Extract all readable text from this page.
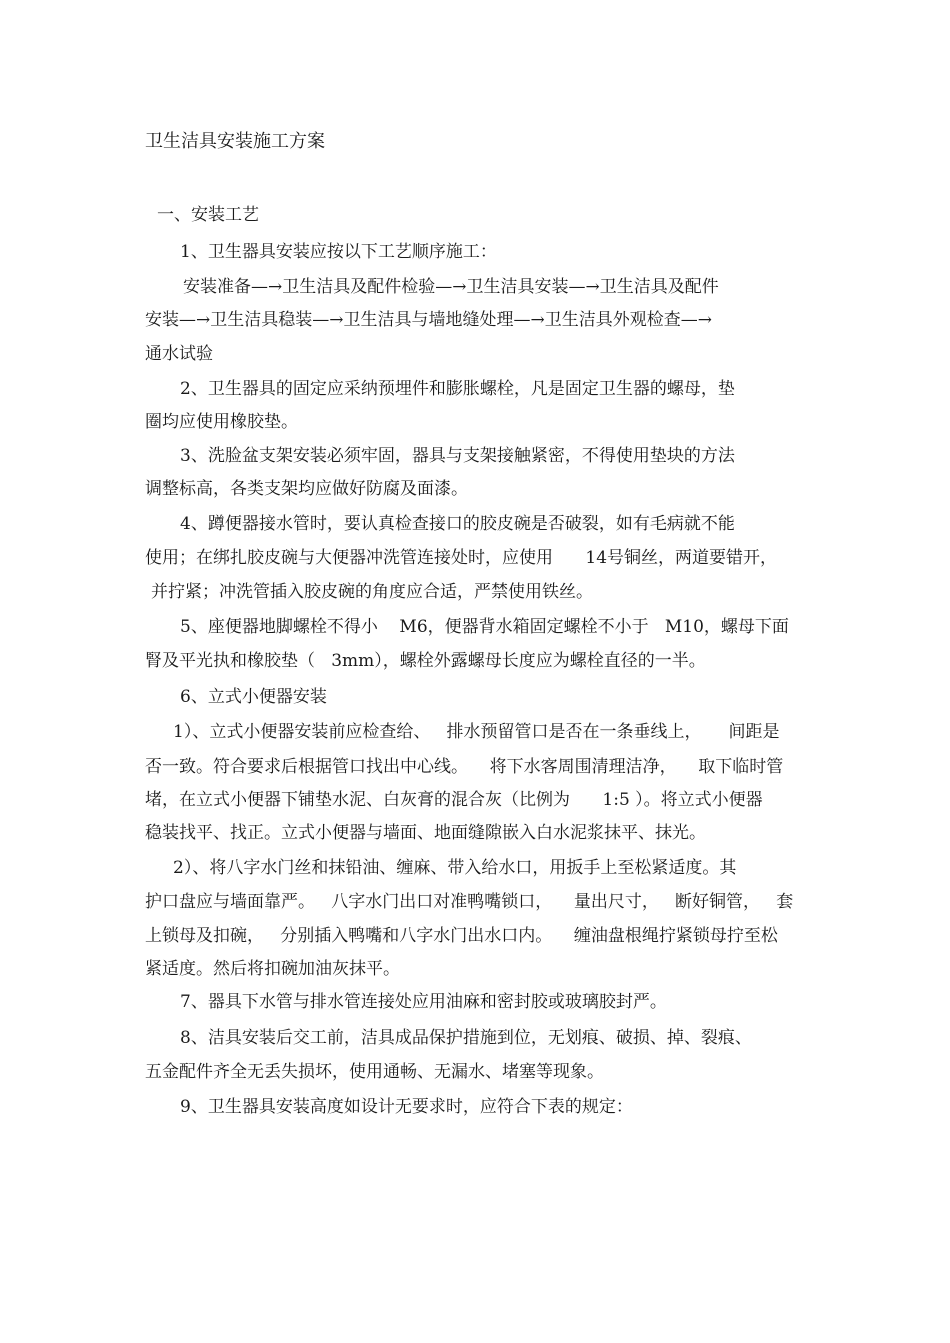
卫生洁具安装施工方案
一、安装工艺
1、卫生器具安装应按以下工艺顺序施工：
安装准备—→卫生洁具及配件检验—→卫生洁具安装—→卫生洁具及配件
安装—→卫生洁具稳装—→卫生洁具与墙地缝处理—→卫生洁具外观检查—→
通水试验
2、卫生器具的固定应采纳预埋件和膨胀螺栓，凡是固定卫生器的螺母，垫
圈均应使用橡胶垫。
3、洗脸盆支架安装必须牢固，器具与支架接触紧密，不得使用垫块的方法
调整标高，各类支架均应做好防腐及面漆。
4、蹲便器接水管时，要认真检查接口的胶皮碗是否破裂，如有毛病就不能
使用；在绑扎胶皮碗与大便器冲洗管连接处时，应使用      14号铜丝，两道要错开，
并拧紧；冲洗管插入胶皮碗的角度应合适，严禁使用铁丝。
5、座便器地脚螺栓不得小    M6，便器背水箱固定螺栓不小于   M10，螺母下面
腎及平光执和橡胶垫（   3mm），螺栓外露螺母长度应为螺栓直径的一半。
6、立式小便器安装
1）、立式小便器安装前应检查给、   排水预留管口是否在一条垂线上，     间距是
否一致。符合要求后根据管口找出中心线。    将下水客周围清理洁净，    取下临时管
堵，在立式小便器下铺垫水泥、白灰膏的混合灰（比例为      1:5 ）。将立式小便器
稳装找平、找正。立式小便器与墙面、地面缝隙嵌入白水泥浆抹平、抹光。
2）、将八字水门丝和抹铅油、缠麻、带入给水口，用扳手上至松紧适度。其
护口盘应与墙面靠严。   八字水门出口对准鸭嘴锁口，    量出尺寸，   断好铜管，   套
上锁母及扣碗，   分别插入鸭嘴和八字水门出水口内。    缠油盘根绳拧紧锁母拧至松
紧适度。然后将扣碗加油灰抹平。
7、器具下水管与排水管连接处应用油麻和密封胶或玻璃胶封严。
8、洁具安装后交工前，洁具成品保护措施到位，无划痕、破损、掉、裂痕、
五金配件齐全无丢失损坏，使用通畅、无漏水、堵塞等现象。
9、卫生器具安装高度如设计无要求时，应符合下表的规定：
